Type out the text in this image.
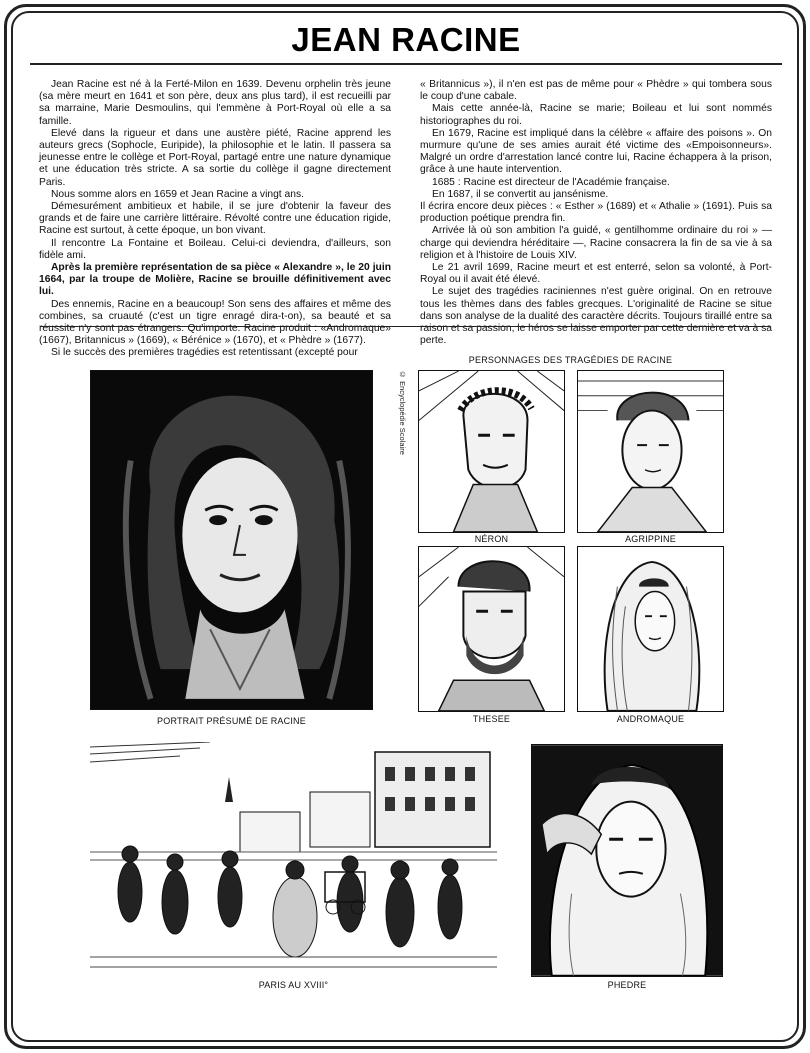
JEAN RACINE

Jean Racine est né à la Ferté-Milon en 1639. Devenu orphelin très jeune (sa mère meurt en 1641 et son père, deux ans plus tard), il est recueilli par sa marraine, Marie Desmoulins, qui l'emmène à Port-Royal où elle a sa famille.

Elevé dans la rigueur et dans une austère piété, Racine apprend les auteurs grecs (Sophocle, Euripide), la philosophie et le latin. Il passera sa jeunesse entre le collège et Port-Royal, partagé entre une nature dynamique et une éducation très stricte. A sa sortie du collège il gagne directement Paris.

Nous somme alors en 1659 et Jean Racine a vingt ans.

Démesurément ambitieux et habile, il se jure d'obtenir la faveur des grands et de faire une carrière littéraire. Révolté contre une éducation rigide, Racine est surtout, à cette époque, un bon vivant.

Il rencontre La Fontaine et Boileau. Celui-ci deviendra, d'ailleurs, son fidèle ami.

Après la première représentation de sa pièce « Alexandre », le 20 juin 1664, par la troupe de Molière, Racine se brouille définitivement avec lui.

Des ennemis, Racine en a beaucoup! Son sens des affaires et même des combines, sa cruauté (c'est un tigre enragé dira-t-on), sa beauté et sa réussite n'y sont pas étrangers. Qu'importe. Racine produit : «Andromaque» (1667), Britannicus » (1669), « Bérénice » (1670), et « Phèdre » (1677).

Si le succès des premières tragédies est retentissant (excepté pour

« Britannicus »), il n'en est pas de même pour « Phèdre » qui tombera sous le coup d'une cabale.

Mais cette année-là, Racine se marie; Boileau et lui sont nommés historiographes du roi.

En 1679, Racine est impliqué dans la célèbre « affaire des poisons ». On murmure qu'une de ses amies aurait été victime des «Empoisonneurs». Malgré un ordre d'arrestation lancé contre lui, Racine échappera à la prison, grâce à une haute intervention.

1685 : Racine est directeur de l'Académie française.

En 1687, il se convertit au jansénisme.

Il écrira encore deux pièces : « Esther » (1689) et « Athalie » (1691). Puis sa production poétique prendra fin.

Arrivée là où son ambition l'a guidé, « gentilhomme ordinaire du roi » — charge qui deviendra héréditaire —, Racine consacrera la fin de sa vie à sa religion et à l'histoire de Louis XIV.

Le 21 avril 1699, Racine meurt et est enterré, selon sa volonté, à Port-Royal ou il avait été élevé.

Le sujet des tragédies raciniennes n'est guère original. On en retrouve tous les thèmes dans des fables grecques. L'originalité de Racine se situe dans son analyse de la dualité des caractère décrits. Toujours tiraillé entre sa raison et sa passion, le héros se laisse emporter par cette dernière et va à sa perte.

PORTRAIT PRÉSUMÉ DE RACINE
© Encyclopédie Scolaire
PERSONNAGES DES TRAGÉDIES DE RACINE
NÉRON	AGRIPPINE
THESEE	ANDROMAQUE
PARIS AU XVIII°	PHEDRE
